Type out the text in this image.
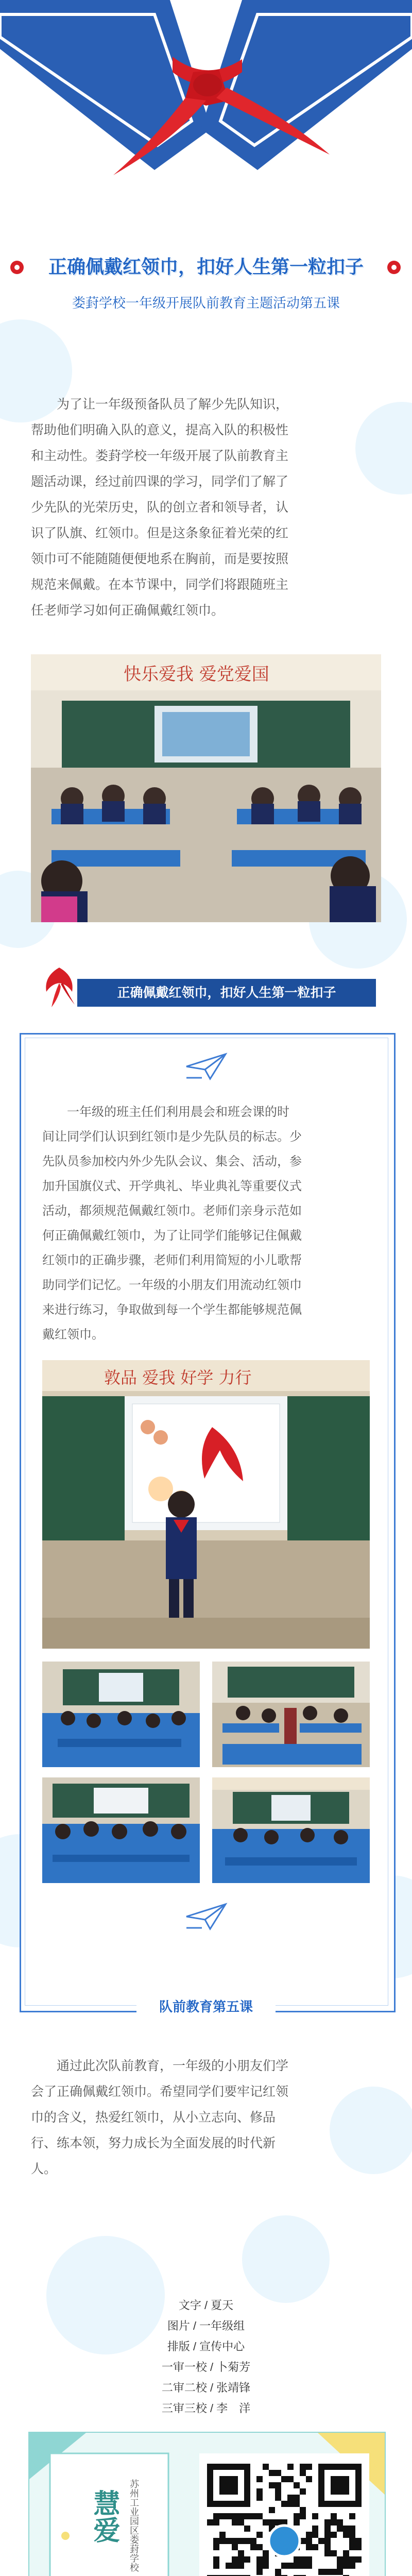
正确佩戴红领巾，扣好人生第一粒扣子
娄葑学校一年级开展队前教育主题活动第五课
为了让一年级预备队员了解少先队知识，
帮助他们明确入队的意义，提高入队的积极性
和主动性。娄葑学校一年级开展了队前教育主
题活动课，经过前四课的学习，同学们了解了
少先队的光荣历史，队的创立者和领导者，认
识了队旗、红领巾。但是这条象征着光荣的红
领巾可不能随随便便地系在胸前，而是要按照
规范来佩戴。在本节课中，同学们将跟随班主
任老师学习如何正确佩戴红领巾。
快乐爱我 爱党爱国
正确佩戴红领巾，扣好人生第一粒扣子
一年级的班主任们利用晨会和班会课的时
间让同学们认识到红领巾是少先队员的标志。少
先队员参加校内外少先队会议、集会、活动，参
加升国旗仪式、开学典礼、毕业典礼等重要仪式
活动，都须规范佩戴红领巾。老师们亲身示范如
何正确佩戴红领巾，为了让同学们能够记住佩戴
红领巾的正确步骤，老师们利用简短的小儿歌帮
助同学们记忆。一年级的小朋友们用流动红领巾
来进行练习，争取做到每一个学生都能够规范佩
戴红领巾。
敦品 爱我 好学 力行
队前教育第五课
通过此次队前教育，一年级的小朋友们学
会了正确佩戴红领巾。希望同学们要牢记红领
巾的含义，热爱红领巾，从小立志向、修品
行、练本领，努力成长为全面发展的时代新
人。
文字 / 夏天
图片 / 一年级组
排版 / 宣传中心
一审一校 / 卜菊芳
二审二校 / 张靖锋
三审三校 / 李　洋
慧爱 苏州工业园区娄葑学校
